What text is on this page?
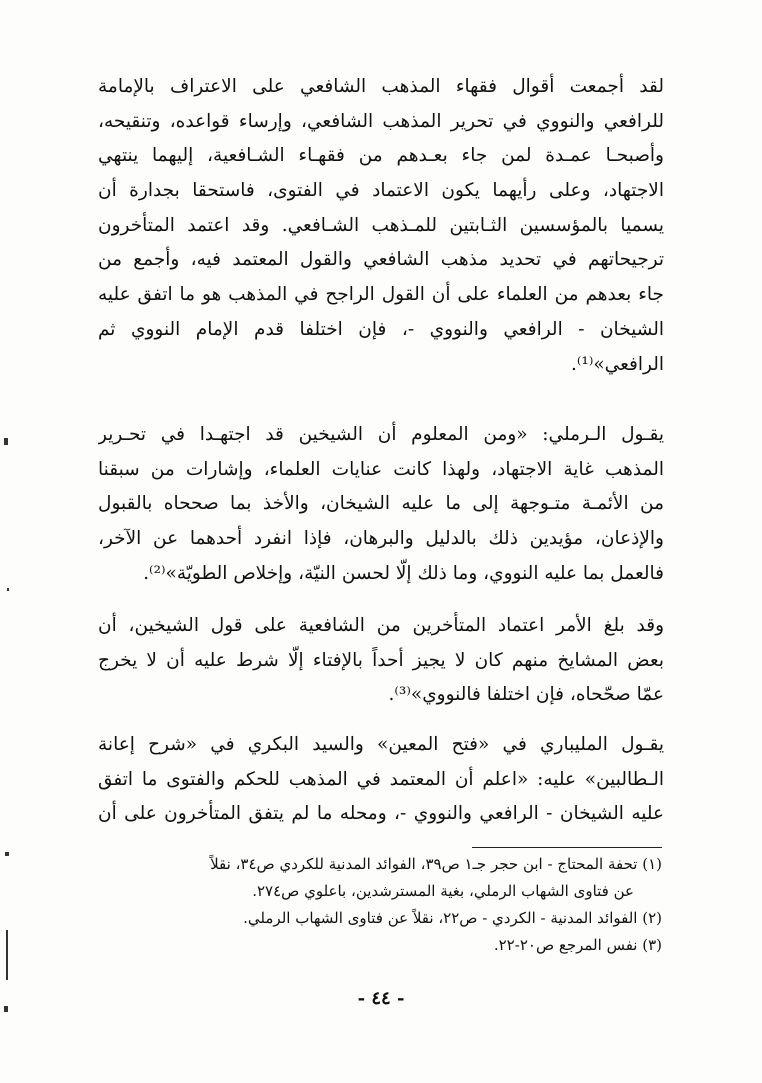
لقد أجمعت أقوال فقهاء المذهب الشافعي على الاعتراف بالإمامة
للرافعي والنووي في تحرير المذهب الشافعي، وإرساء قواعده، وتنقيحه،
وأصبحـا عمـدة لمن جاء بعـدهم من فقهـاء الشـافعية، إليهما ينتهي
الاجتهاد، وعلى رأيهما يكون الاعتماد في الفتوى، فاستحقا بجدارة أن
يسميا بالمؤسسين الثـابتين للمـذهب الشـافعي. وقد اعتمد المتأخرون
ترجيحاتهم في تحديد مذهب الشافعي والقول المعتمد فيه، وأجمع من
جاء بعدهم من العلماء على أن القول الراجح في المذهب هو ما اتفق عليه
الشيخان - الرافعي والنووي -، فإن اختلفا قدم الإمام النووي ثم
الرافعي»⁽¹⁾.
يقـول الـرملي: «ومن المعلوم أن الشيخين قد اجتهـدا في تحـرير
المذهب غاية الاجتهاد، ولهذا كانت عنايات العلماء، وإشارات من سبقنا
من الأئمـة متـوجهة إلى ما عليه الشيخان، والأخذ بما صححاه بالقبول
والإذعان، مؤيدين ذلك بالدليل والبرهان، فإذا انفرد أحدهما عن الآخر،
فالعمل بما عليه النووي، وما ذلك إلّا لحسن النيّة، وإخلاص الطويّة»⁽²⁾.
وقد بلغ الأمر اعتماد المتأخرين من الشافعية على قول الشيخين، أن
بعض المشايخ منهم كان لا يجيز أحداً بالإفتاء إلّا شرط عليه أن لا يخرج
عمّا صحّحاه، فإن اختلفا فالنووي»⁽³⁾.
يقـول المليباري في «فتح المعين» والسيد البكري في «شرح إعانة
الـطالبين» عليه: «اعلم أن المعتمد في المذهب للحكم والفتوى ما اتفق
عليه الشيخان - الرافعي والنووي -، ومحله ما لم يتفق المتأخرون على أن
(١) تحفة المحتاج - ابن حجر جـ١ ص٣٩، الفوائد المدنية للكردي ص٣٤، نقلاً
عن فتاوى الشهاب الرملي، بغية المسترشدين، باعلوي ص٢٧٤.
(٢) الفوائد المدنية - الكردي - ص٢٢، نقلاً عن فتاوى الشهاب الرملي.
(٣) نفس المرجع ص٢٠-٢٢.
- ٤٤ -
